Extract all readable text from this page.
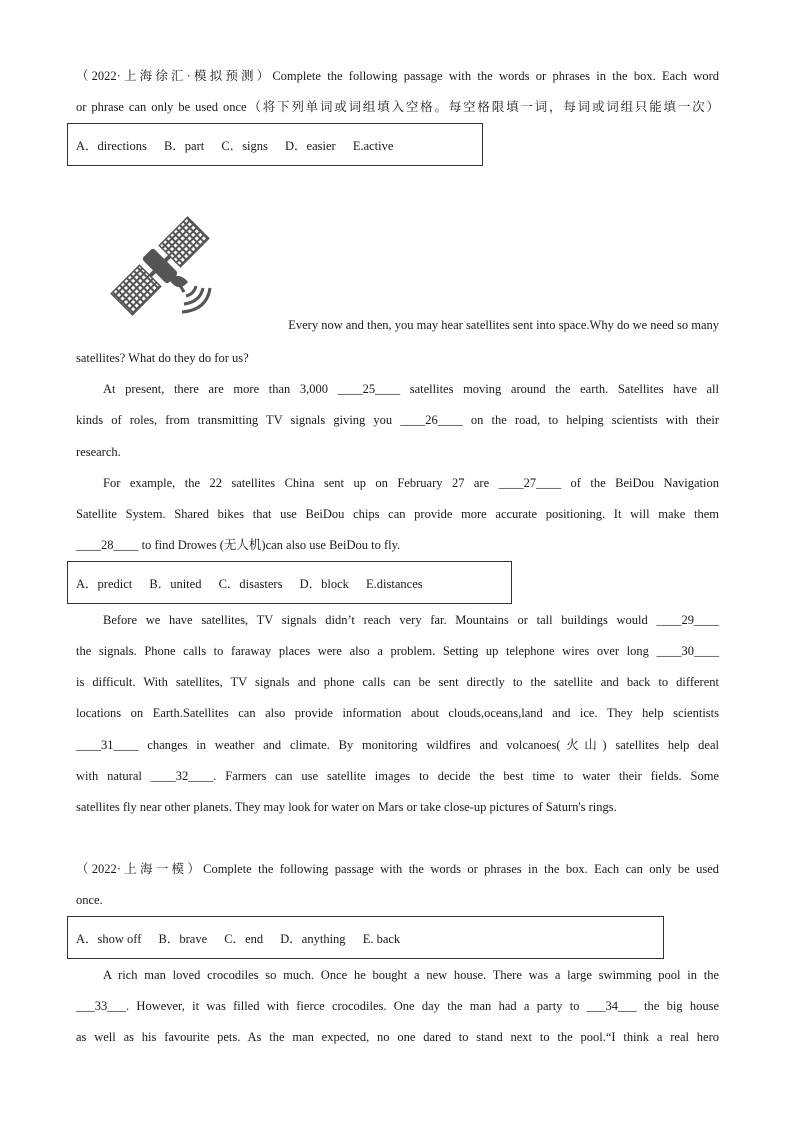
（2022·上海徐汇·模拟预测）Complete the following passage with the words or phrases in the box. Each word
or phrase can only be used once（将下列单词或词组填入空格。每空格限填一词，每词或词组只能填一次）
A．directions B．part C．signs D．easier E.active
Every now and then, you may hear satellites sent into space.Why do we need so many
satellites? What do they do for us?
At present, there are more than 3,000 ____25____ satellites moving around the earth. Satellites have all
kinds of roles, from transmitting TV signals giving you ____26____ on the road, to helping scientists with their
research.
For example, the 22 satellites China sent up on February 27 are ____27____ of the BeiDou Navigation
Satellite System. Shared bikes that use BeiDou chips can provide more accurate positioning. It will make them
____28____ to find Drowes (无人机)can also use BeiDou to fly.
A．predict B．united C．disasters D．block E.distances
Before we have satellites, TV signals didn’t reach very far. Mountains or tall buildings would ____29____
the signals. Phone calls to faraway places were also a problem. Setting up telephone wires over long ____30____
is difficult. With satellites, TV signals and phone calls can be sent directly to the satellite and back to different
locations on Earth.Satellites can also provide information about clouds,oceans,land and ice. They help scientists
____31____ changes in weather and climate. By monitoring wildfires and volcanoes(火山) satellites help deal
with natural ____32____. Farmers can use satellite images to decide the best time to water their fields. Some
satellites fly near other planets. They may look for water on Mars or take close-up pictures of Saturn's rings.
（2022·上海一模）Complete the following passage with the words or phrases in the box. Each can only be used
once.
A．show off B．brave C．end D．anything E. back
A rich man loved crocodiles so much. Once he bought a new house. There was a large swimming pool in the
___33___. However, it was filled with fierce crocodiles. One day the man had a party to ___34___ the big house
as well as his favourite pets. As the man expected, no one dared to stand next to the pool.“I think a real hero
